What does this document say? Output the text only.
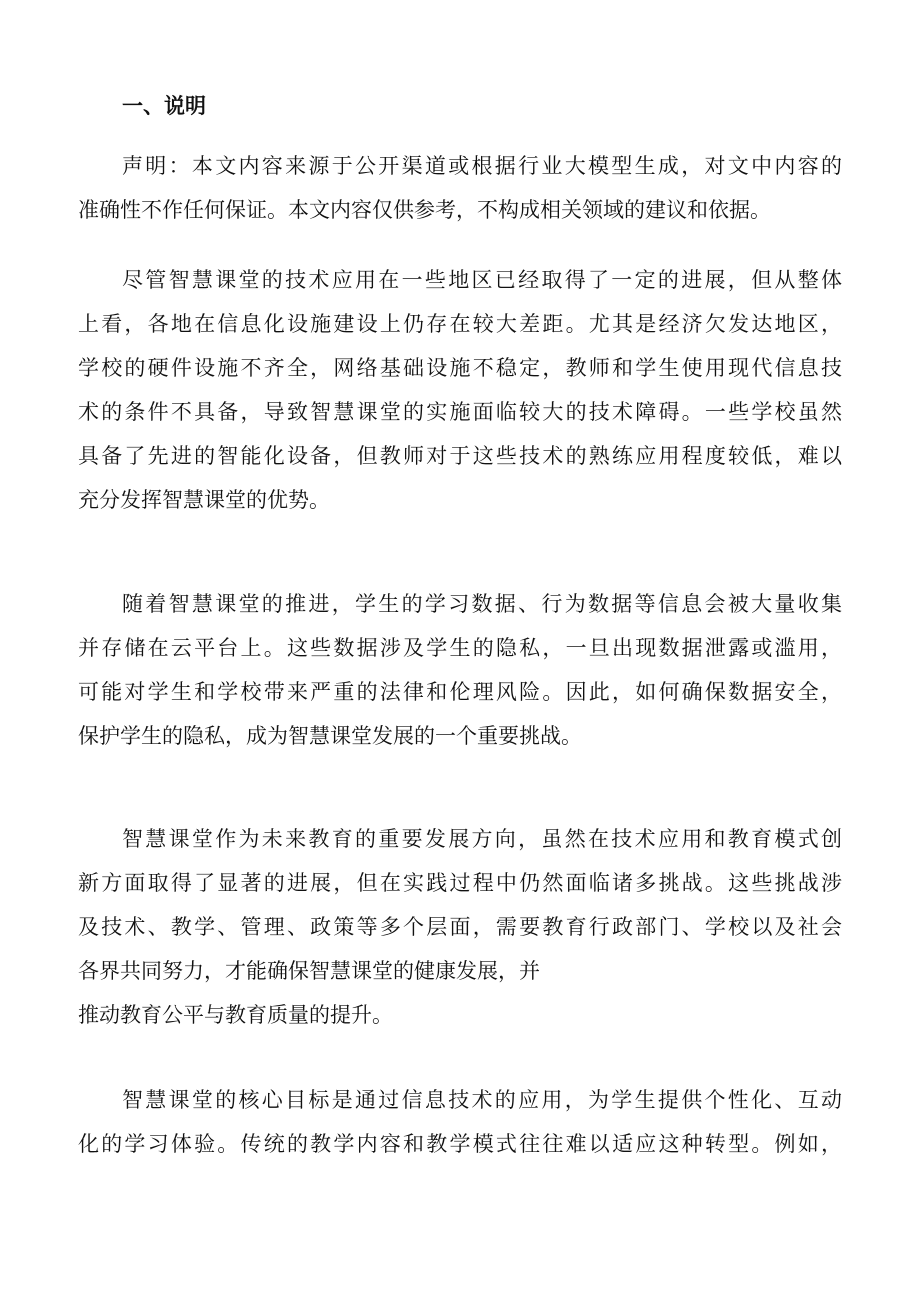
一、说明

声明：本文内容来源于公开渠道或根据行业大模型生成，对文中内容的
准确性不作任何保证。本文内容仅供参考，不构成相关领域的建议和依据。

尽管智慧课堂的技术应用在一些地区已经取得了一定的进展，但从整体
上看，各地在信息化设施建设上仍存在较大差距。尤其是经济欠发达地区，
学校的硬件设施不齐全，网络基础设施不稳定，教师和学生使用现代信息技
术的条件不具备，导致智慧课堂的实施面临较大的技术障碍。一些学校虽然
具备了先进的智能化设备，但教师对于这些技术的熟练应用程度较低，难以
充分发挥智慧课堂的优势。

随着智慧课堂的推进，学生的学习数据、行为数据等信息会被大量收集
并存储在云平台上。这些数据涉及学生的隐私，一旦出现数据泄露或滥用，
可能对学生和学校带来严重的法律和伦理风险。因此，如何确保数据安全，
保护学生的隐私，成为智慧课堂发展的一个重要挑战。

智慧课堂作为未来教育的重要发展方向，虽然在技术应用和教育模式创
新方面取得了显著的进展，但在实践过程中仍然面临诸多挑战。这些挑战涉
及技术、教学、管理、政策等多个层面，需要教育行政部门、学校以及社会
各界共同努力，才能确保智慧课堂的健康发展，并
推动教育公平与教育质量的提升。

智慧课堂的核心目标是通过信息技术的应用，为学生提供个性化、互动
化的学习体验。传统的教学内容和教学模式往往难以适应这种转型。例如，
